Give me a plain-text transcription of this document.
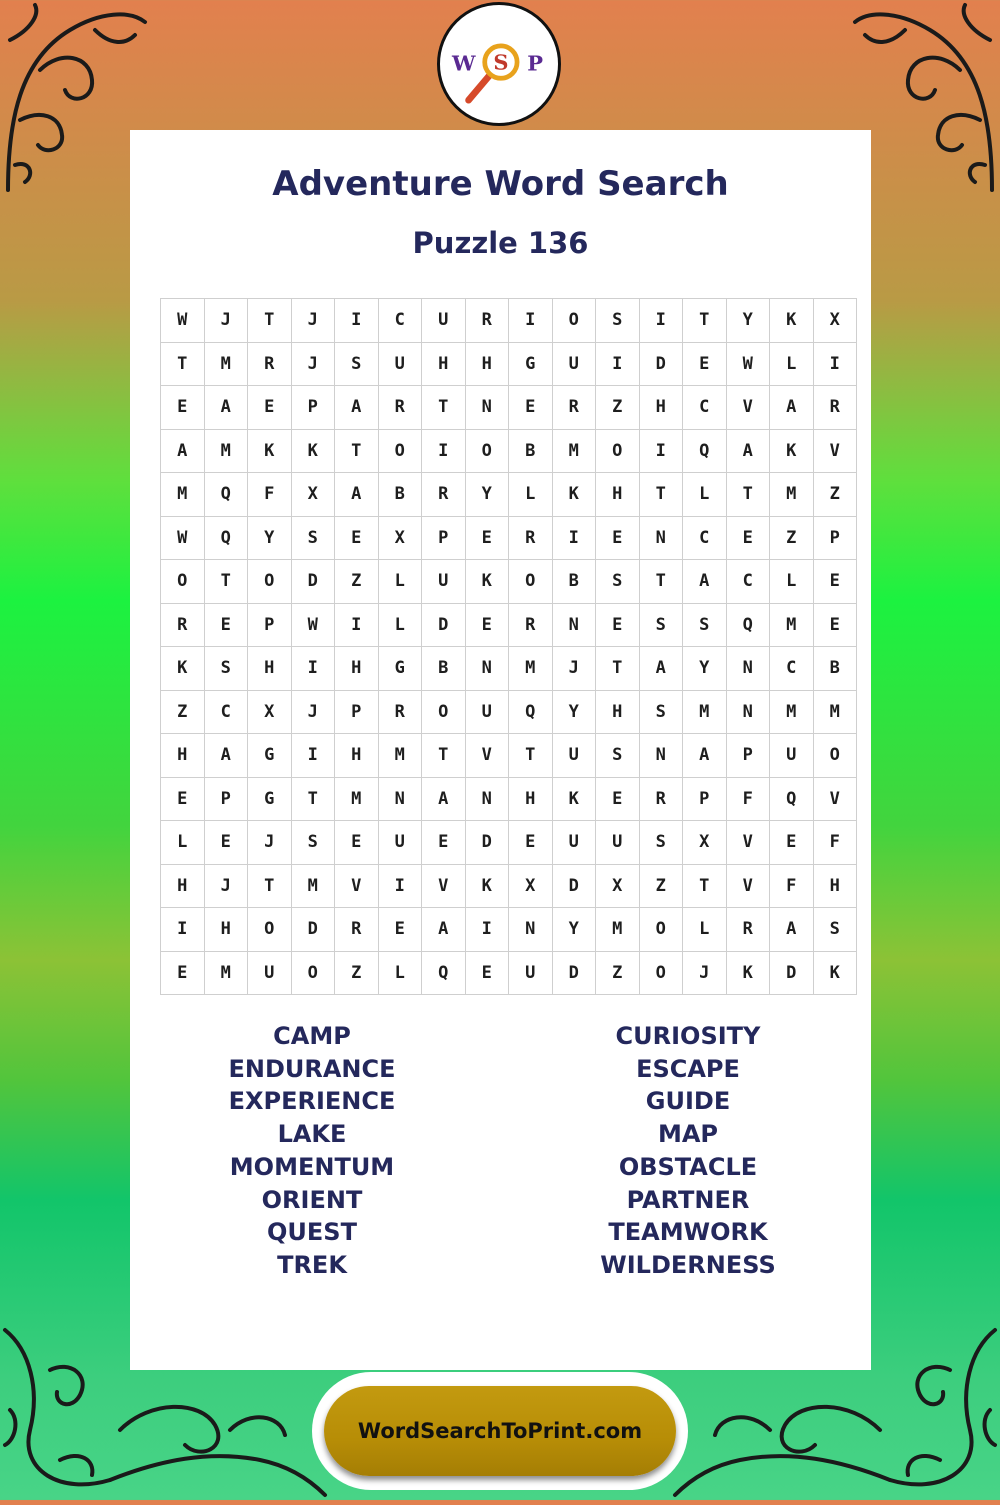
W S P
Adventure Word Search
Puzzle 136
W	J	T	J	I	C	U	R	I	O	S	I	T	Y	K	X
T	M	R	J	S	U	H	H	G	U	I	D	E	W	L	I
E	A	E	P	A	R	T	N	E	R	Z	H	C	V	A	R
A	M	K	K	T	O	I	O	B	M	O	I	Q	A	K	V
M	Q	F	X	A	B	R	Y	L	K	H	T	L	T	M	Z
W	Q	Y	S	E	X	P	E	R	I	E	N	C	E	Z	P
O	T	O	D	Z	L	U	K	O	B	S	T	A	C	L	E
R	E	P	W	I	L	D	E	R	N	E	S	S	Q	M	E
K	S	H	I	H	G	B	N	M	J	T	A	Y	N	C	B
Z	C	X	J	P	R	O	U	Q	Y	H	S	M	N	M	M
H	A	G	I	H	M	T	V	T	U	S	N	A	P	U	O
E	P	G	T	M	N	A	N	H	K	E	R	P	F	Q	V
L	E	J	S	E	U	E	D	E	U	U	S	X	V	E	F
H	J	T	M	V	I	V	K	X	D	X	Z	T	V	F	H
I	H	O	D	R	E	A	I	N	Y	M	O	L	R	A	S
E	M	U	O	Z	L	Q	E	U	D	Z	O	J	K	D	K
CAMP
ENDURANCE
EXPERIENCE
LAKE
MOMENTUM
ORIENT
QUEST
TREK
CURIOSITY
ESCAPE
GUIDE
MAP
OBSTACLE
PARTNER
TEAMWORK
WILDERNESS
WordSearchToPrint.com
